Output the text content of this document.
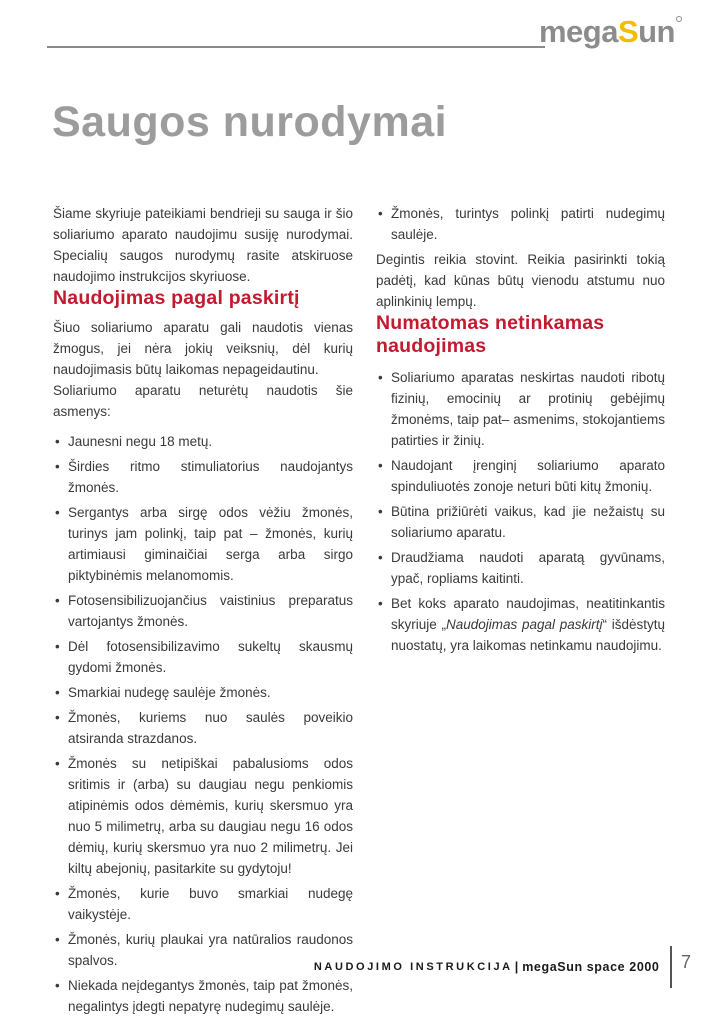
megaSun
Saugos nurodymai

Šiame skyriuje pateikiami bendrieji su sauga ir šio soliariumo aparato naudojimu susiję nurodymai. Specialių saugos nurodymų rasite atskiruose naudojimo instrukcijos skyriuose.

Naudojimas pagal paskirtį

Šiuo soliariumo aparatu gali naudotis vienas žmogus, jei nėra jokių veiksnių, dėl kurių naudojimasis būtų laikomas nepageidautinu.

Soliariumo aparatu neturėtų naudotis šie asmenys:

• Jaunesni negu 18 metų.
• Širdies ritmo stimuliatorius naudojantys žmonės.
• Sergantys arba sirgę odos vėžiu žmonės, turinys jam polinkį, taip pat – žmonės, kurių artimiausi giminaičiai serga arba sirgo piktybinėmis melanomomis.
• Fotosensibilizuojančius vaistinius preparatus vartojantys žmonės.
• Dėl fotosensibilizavimo sukeltų skausmų gydomi žmonės.
• Smarkiai nudegę saulėje žmonės.
• Žmonės, kuriems nuo saulės poveikio atsiranda strazdanos.
• Žmonės su netipiškai pabalusioms odos sritimis ir (arba) su daugiau negu penkiomis atipinėmis odos dėmėmis, kurių skersmuo yra nuo 5 milimetrų, arba su daugiau negu 16 odos dėmių, kurių skersmuo yra nuo 2 milimetrų. Jei kiltų abejonių, pasitarkite su gydytoju!
• Žmonės, kurie buvo smarkiai nudegę vaikystėje.
• Žmonės, kurių plaukai yra natūralios raudonos spalvos.
• Niekada neįdegantys žmonės, taip pat žmonės, negalintys įdegti nepatyrę nudegimų saulėje.
• Žmonės, turintys polinkį patirti nudegimų saulėje.

Degintis reikia stovint. Reikia pasirinkti tokią padėtį, kad kūnas būtų vienodu atstumu nuo aplinkinių lempų.

Numatomas netinkamas naudojimas
• Soliariumo aparatas neskirtas naudoti ribotų fizinių, emocinių ar protinių gebėjimų žmonėms, taip pat– asmenims, stokojantiems patirties ir žinių.
• Naudojant įrenginį soliariumo aparato spinduliuotės zonoje neturi būti kitų žmonių.
• Būtina prižiūrėti vaikus, kad jie nežaistų su soliariumo aparatu.
• Draudžiama naudoti aparatą gyvūnams, ypač, ropliams kaitinti.
• Bet koks aparato naudojimas, neatitinkantis skyriuje „Naudojimas pagal paskirtį“ išdėstytų nuostatų, yra laikomas netinkamu naudojimu.
NAUDOJIMO INSTRUKCIJA | megaSun space 2000 7
